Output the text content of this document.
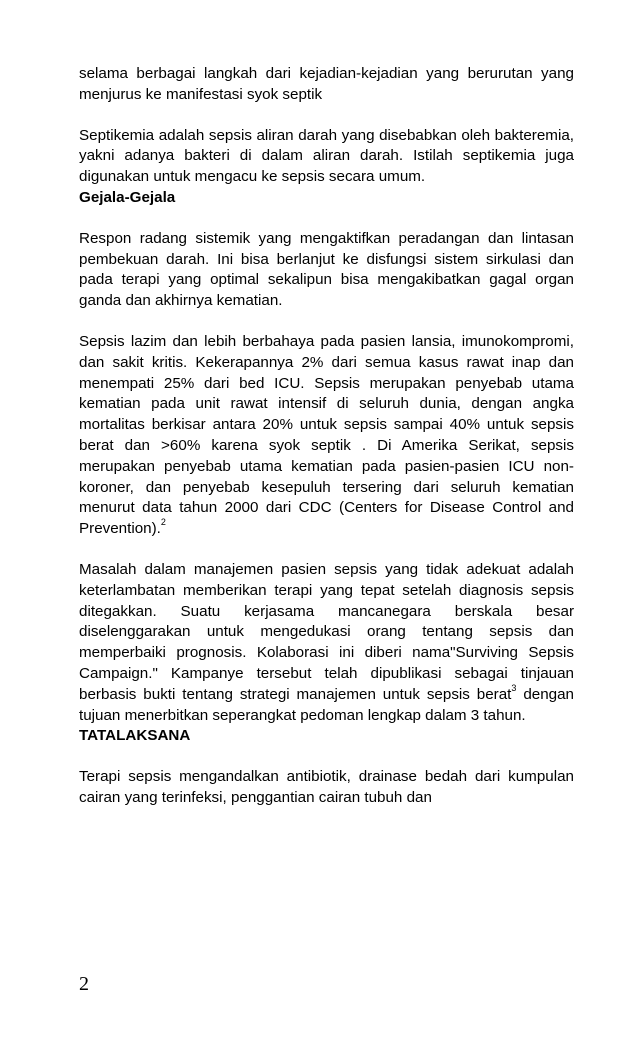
selama berbagai langkah dari kejadian-kejadian yang berurutan yang menjurus ke manifestasi syok septik

Septikemia adalah sepsis aliran darah yang disebabkan oleh bakteremia, yakni adanya bakteri di dalam aliran darah. Istilah septikemia juga digunakan untuk mengacu ke sepsis secara umum.

Gejala-Gejala

Respon radang sistemik yang mengaktifkan peradangan dan lintasan pembekuan darah. Ini bisa berlanjut ke disfungsi sistem sirkulasi dan pada terapi yang optimal sekalipun bisa mengakibatkan gagal organ ganda dan akhirnya kematian.

Sepsis lazim dan lebih berbahaya pada pasien lansia, imunokompromi, dan sakit kritis. Kekerapannya 2% dari semua kasus rawat inap dan menempati 25% dari bed ICU. Sepsis merupakan penyebab utama kematian pada unit rawat intensif di seluruh dunia, dengan angka mortalitas berkisar antara 20% untuk sepsis sampai 40% untuk sepsis berat dan >60% karena syok septik . Di Amerika Serikat, sepsis merupakan penyebab utama kematian pada pasien-pasien ICU non-koroner, dan penyebab kesepuluh tersering dari seluruh kematian menurut data tahun 2000 dari CDC (Centers for Disease Control and Prevention).$^2$

Masalah dalam manajemen pasien sepsis yang tidak adekuat adalah keterlambatan memberikan terapi yang tepat setelah diagnosis sepsis ditegakkan. Suatu kerjasama mancanegara berskala besar diselenggarakan untuk mengedukasi orang tentang sepsis dan memperbaiki prognosis. Kolaborasi ini diberi nama"Surviving Sepsis Campaign." Kampanye tersebut telah dipublikasi sebagai tinjauan berbasis bukti tentang strategi manajemen untuk sepsis berat$^3$ dengan tujuan menerbitkan seperangkat pedoman lengkap dalam 3 tahun.

TATALAKSANA

Terapi sepsis mengandalkan antibiotik, drainase bedah dari kumpulan cairan yang terinfeksi, penggantian cairan tubuh dan

2
